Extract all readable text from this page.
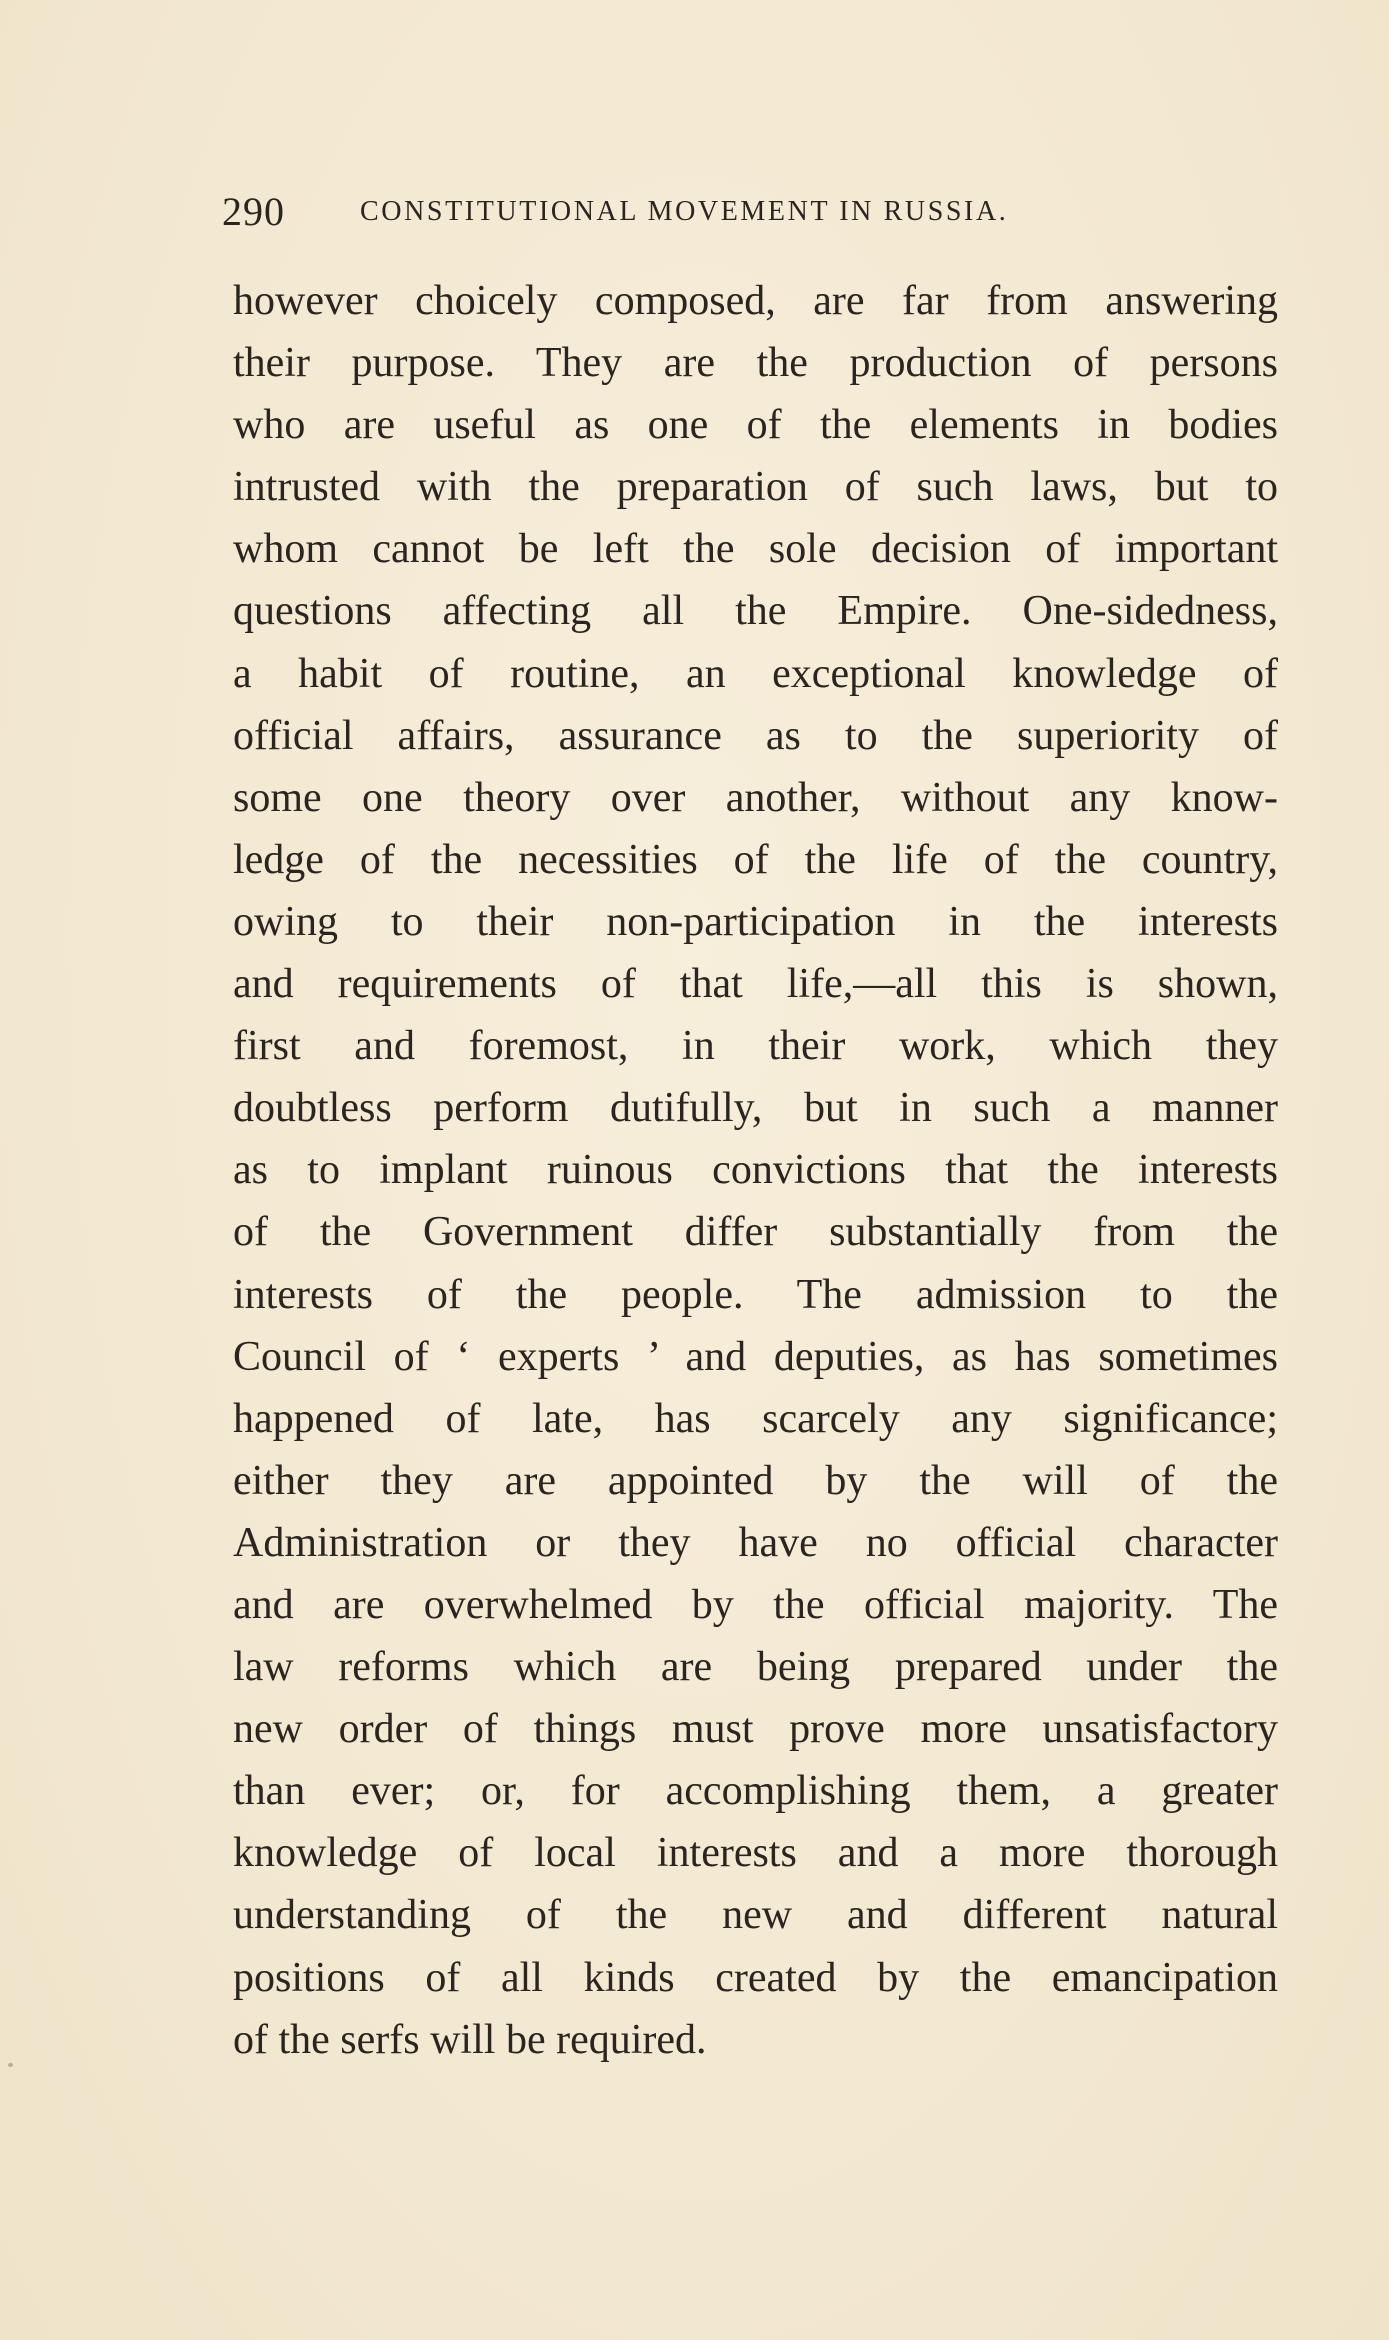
290	CONSTITUTIONAL MOVEMENT IN RUSSIA.
however choicely composed, are far from answering
their purpose. They are the production of persons
who are useful as one of the elements in bodies
intrusted with the preparation of such laws, but to
whom cannot be left the sole decision of important
questions affecting all the Empire. One-sidedness,
a habit of routine, an exceptional knowledge of
official affairs, assurance as to the superiority of
some one theory over another, without any know-
ledge of the necessities of the life of the country,
owing to their non-participation in the interests
and requirements of that life,—all this is shown,
first and foremost, in their work, which they
doubtless perform dutifully, but in such a manner
as to implant ruinous convictions that the interests
of the Government differ substantially from the
interests of the people. The admission to the
Council of ‘ experts ’ and deputies, as has sometimes
happened of late, has scarcely any significance;
either they are appointed by the will of the
Administration or they have no official character
and are overwhelmed by the official majority. The
law reforms which are being prepared under the
new order of things must prove more unsatisfactory
than ever; or, for accomplishing them, a greater
knowledge of local interests and a more thorough
understanding of the new and different natural
positions of all kinds created by the emancipation
of the serfs will be required.
